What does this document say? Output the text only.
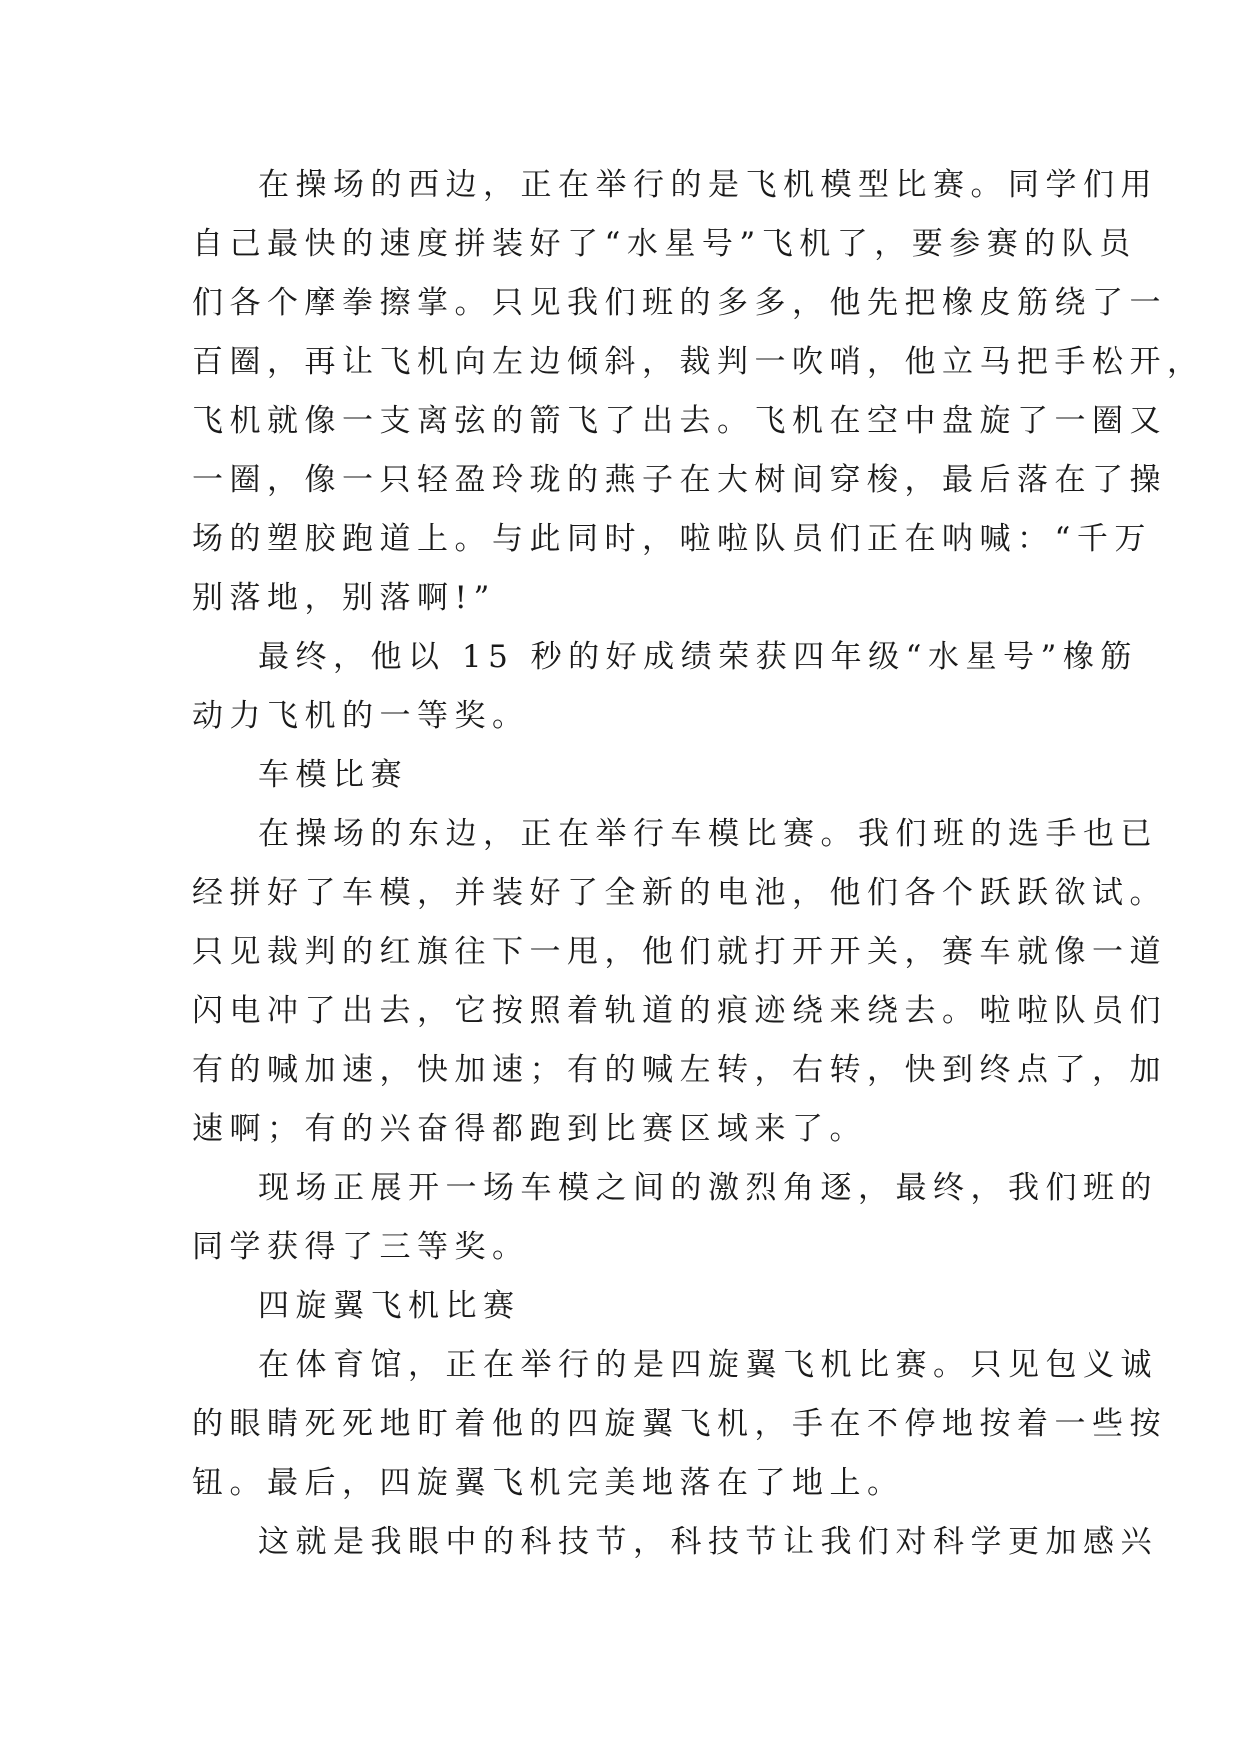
在操场的西边，正在举行的是飞机模型比赛。同学们用
自己最快的速度拼装好了“水星号”飞机了，要参赛的队员
们各个摩拳擦掌。只见我们班的多多，他先把橡皮筋绕了一
百圈，再让飞机向左边倾斜，裁判一吹哨，他立马把手松开，
飞机就像一支离弦的箭飞了出去。飞机在空中盘旋了一圈又
一圈，像一只轻盈玲珑的燕子在大树间穿梭，最后落在了操
场的塑胶跑道上。与此同时，啦啦队员们正在呐喊：“千万
别落地，别落啊!”
最终，他以 15 秒的好成绩荣获四年级“水星号”橡筋
动力飞机的一等奖。
车模比赛
在操场的东边，正在举行车模比赛。我们班的选手也已
经拼好了车模，并装好了全新的电池，他们各个跃跃欲试。
只见裁判的红旗往下一甩，他们就打开开关，赛车就像一道
闪电冲了出去，它按照着轨道的痕迹绕来绕去。啦啦队员们
有的喊加速，快加速；有的喊左转，右转，快到终点了，加
速啊；有的兴奋得都跑到比赛区域来了。
现场正展开一场车模之间的激烈角逐，最终，我们班的
同学获得了三等奖。
四旋翼飞机比赛
在体育馆，正在举行的是四旋翼飞机比赛。只见包义诚
的眼睛死死地盯着他的四旋翼飞机，手在不停地按着一些按
钮。最后，四旋翼飞机完美地落在了地上。
这就是我眼中的科技节，科技节让我们对科学更加感兴
